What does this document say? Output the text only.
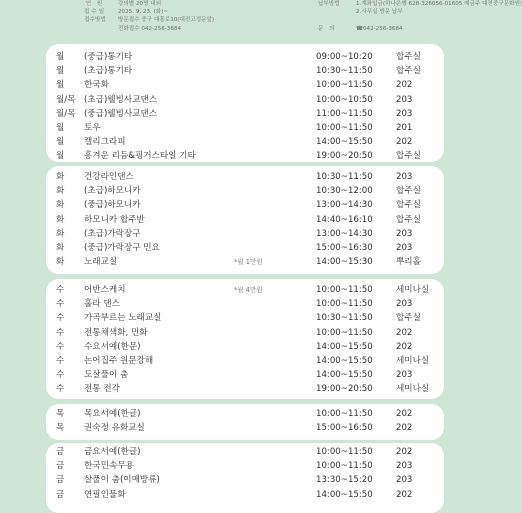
인 원	강의별 20명 내외
접수일	2025. 9. 23. (화)~
접수방법	방문접수 중구 대흥로10(대전고정문앞)
전화접수 042-256-3684
납부방법	1.계좌입금(하나은행 628-326056-01605 예금주 대전중구문화원)
2.사무실 방문 납부

문 의	☎042-256-3684
월 (중급)통기타	09:00~10:20	합주실
월 (초급)통기타	10:30~11:50	합주실
월 한국화	10:00~11:50	202
월/목 (초급)웰빙사교댄스	10:00~10:50	203
월/목 (중급)웰빙사교댄스	11:00~11:50	203
월 토우	10:00~11:50	201
월 캘리그라피	14:00~15:50	202
월 흥겨운 리듬&핑거스타일 기타	19:00~20:50	합주실
화 건강라인댄스	10:30~11:50	203
화 (초급)하모니카	10:30~12:00	합주실
화 (중급)하모니카	13:00~14:30	합주실
화 하모니카 합주반	14:40~16:10	합주실
화 (초급)가락장구	13:00~14:30	203
화 (중급)가락장구 민요	15:00~16:30	203
화 노래교실	*월 1만원	14:00~15:30	뿌리홀
수 어반스케치	*월 4만원	10:00~11:50	세미나실
수 훌라 댄스	10:00~11:50	203
수 가곡부르는 노래교실	10:30~11:50	합주실
수 전통채색화, 민화	10:00~11:50	202
수 수요서예(한문)	14:00~15:50	202
수 논어집주 원문강해	14:00~15:50	세미나실
수 도살풀이 춤	14:00~15:50	203
수 전통 전각	19:00~20:50	세미나실
목 목요서예(한글)	10:00~11:50	202
목 권숙정 유화교실	15:00~16:50	202
금 금요서예(한글)	10:00~11:50	202
금 한국민속무용	10:00~11:50	203
금 살풀이 춤(이매방류)	13:30~15:20	203
금 연필인물화	14:00~15:50	202
